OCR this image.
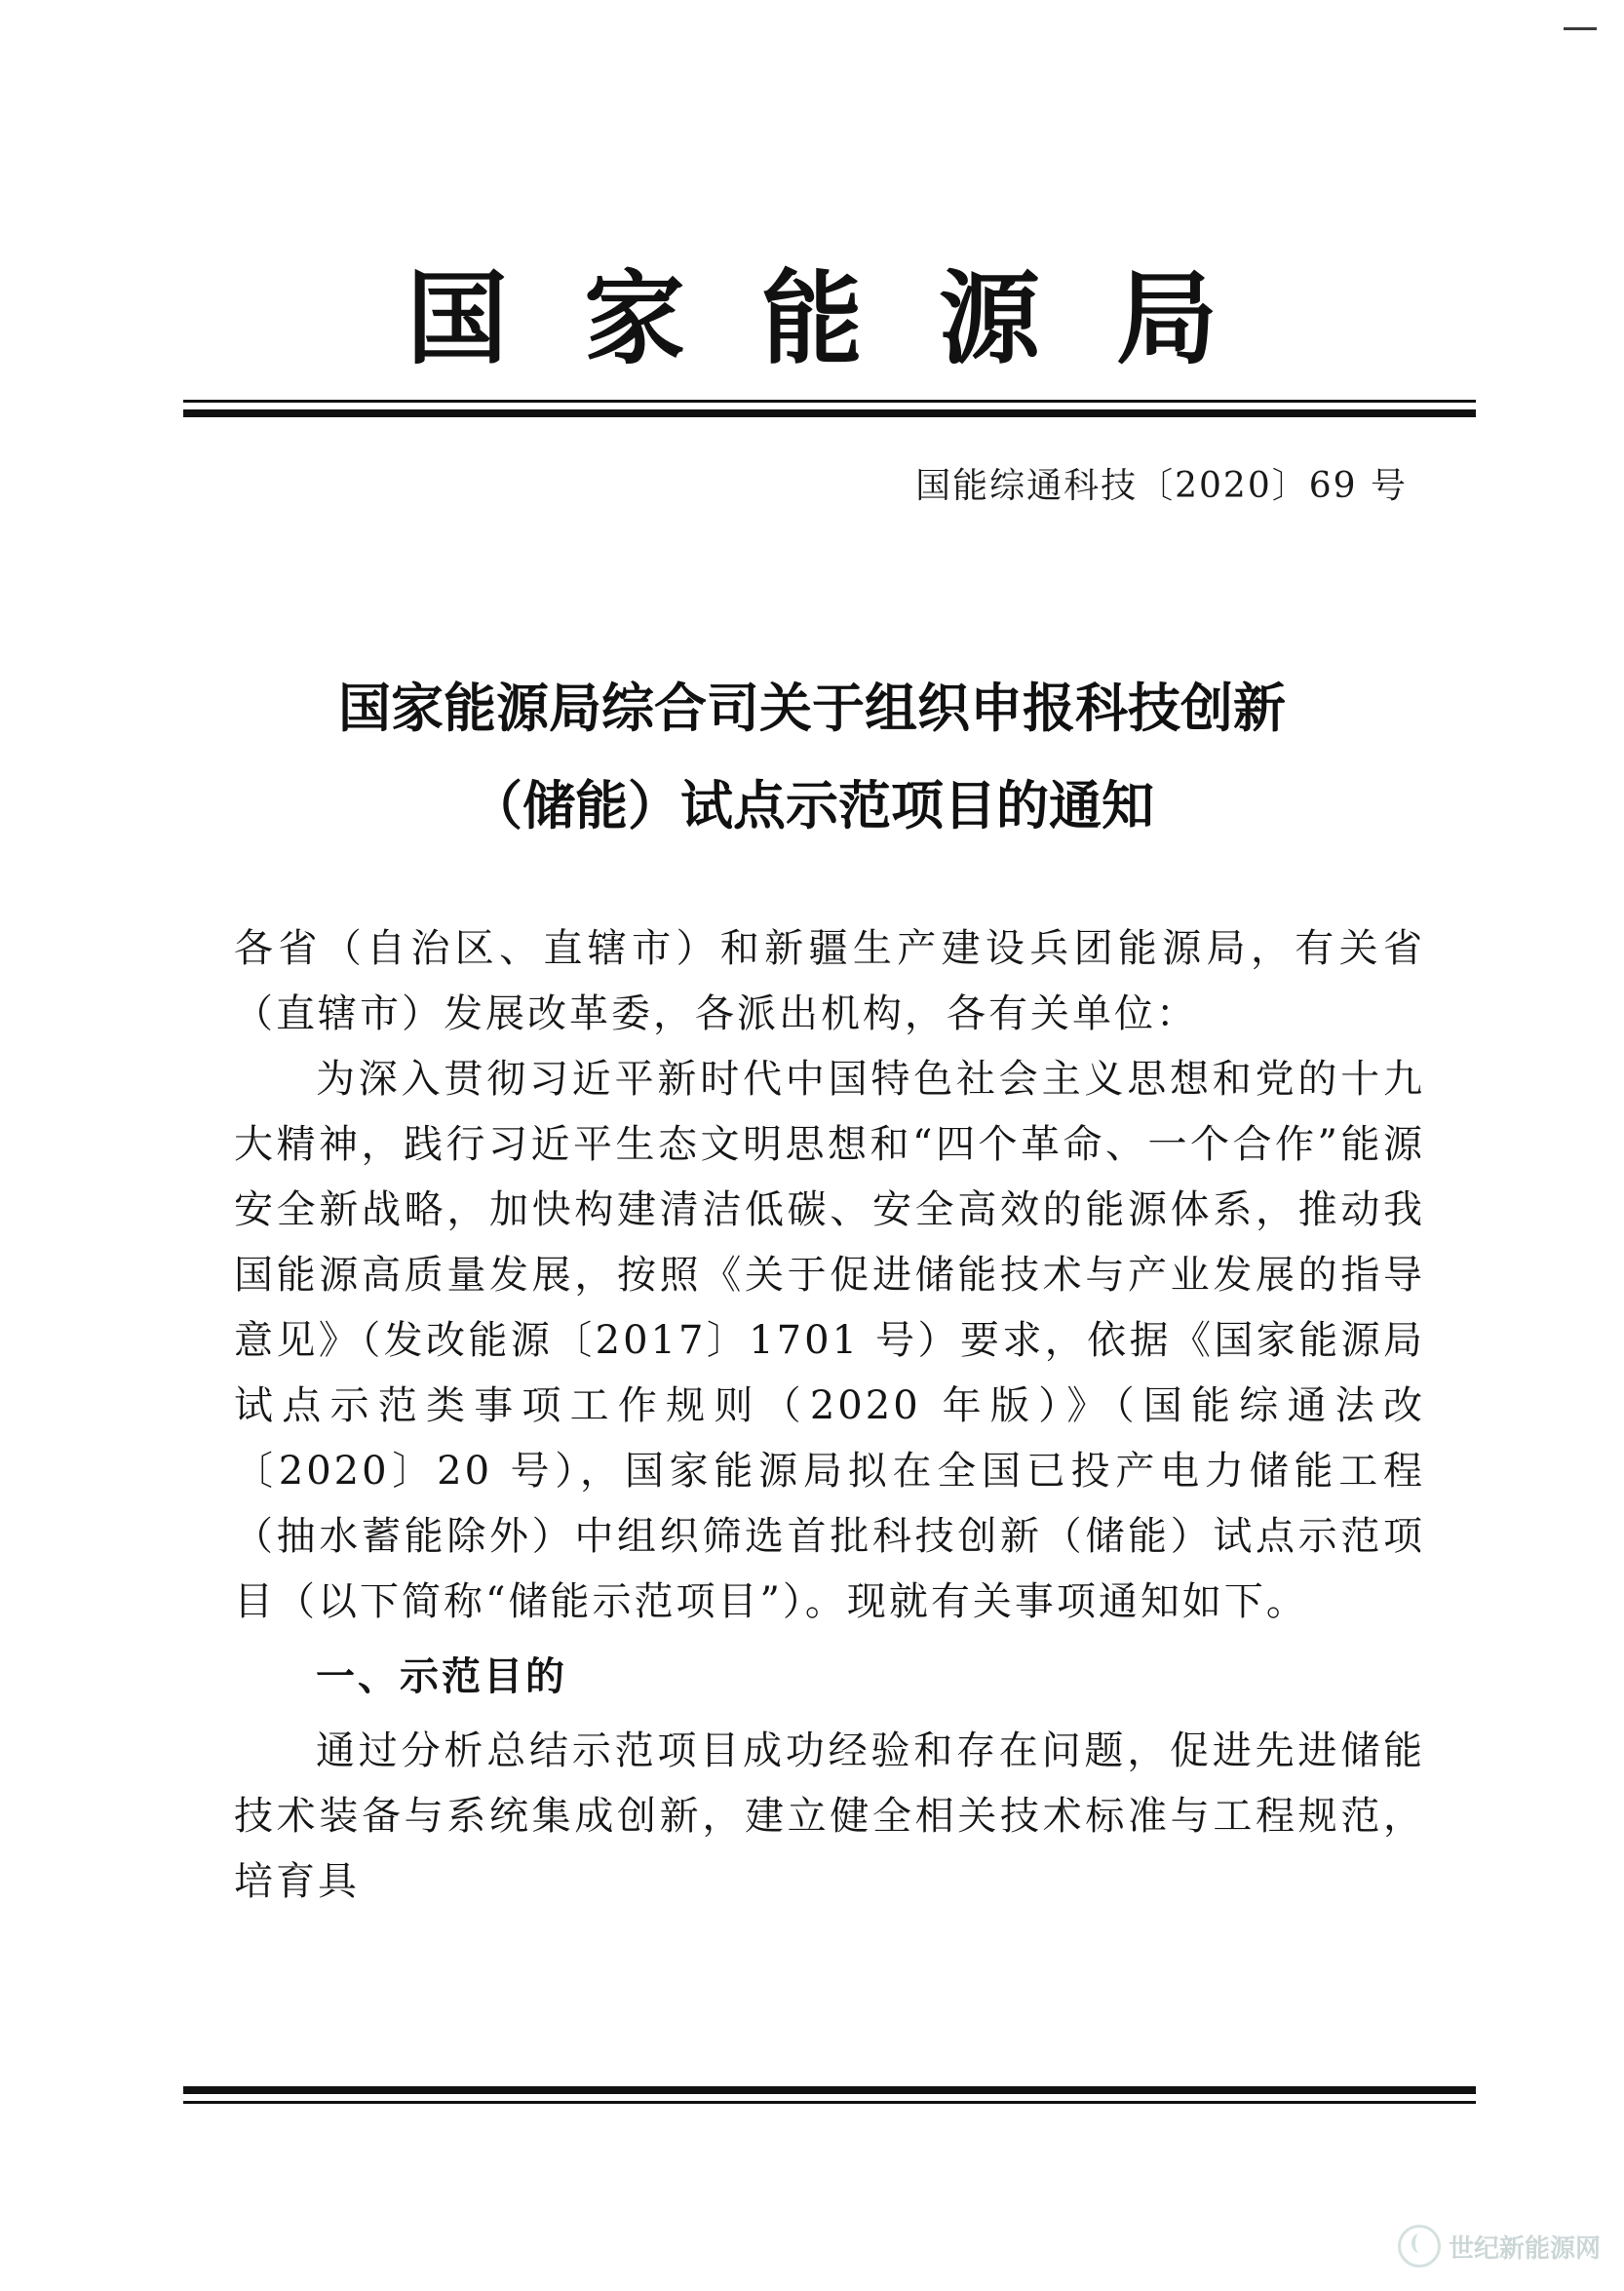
国家能源局
国能综通科技〔2020〕69 号
国家能源局综合司关于组织申报科技创新
（储能）试点示范项目的通知

各省（自治区、直辖市）和新疆生产建设兵团能源局，有关省（直辖市）发展改革委，各派出机构，各有关单位：

为深入贯彻习近平新时代中国特色社会主义思想和党的十九大精神，践行习近平生态文明思想和“四个革命、一个合作”能源安全新战略，加快构建清洁低碳、安全高效的能源体系，推动我国能源高质量发展，按照《关于促进储能技术与产业发展的指导意见》（发改能源〔2017〕1701 号）要求，依据《国家能源局试点示范类事项工作规则（2020 年版）》（国能综通法改〔2020〕20 号），国家能源局拟在全国已投产电力储能工程（抽水蓄能除外）中组织筛选首批科技创新（储能）试点示范项目（以下简称“储能示范项目”）。现就有关事项通知如下。

一、示范目的

通过分析总结示范项目成功经验和存在问题，促进先进储能技术装备与系统集成创新，建立健全相关技术标准与工程规范，培育具

世纪新能源网
